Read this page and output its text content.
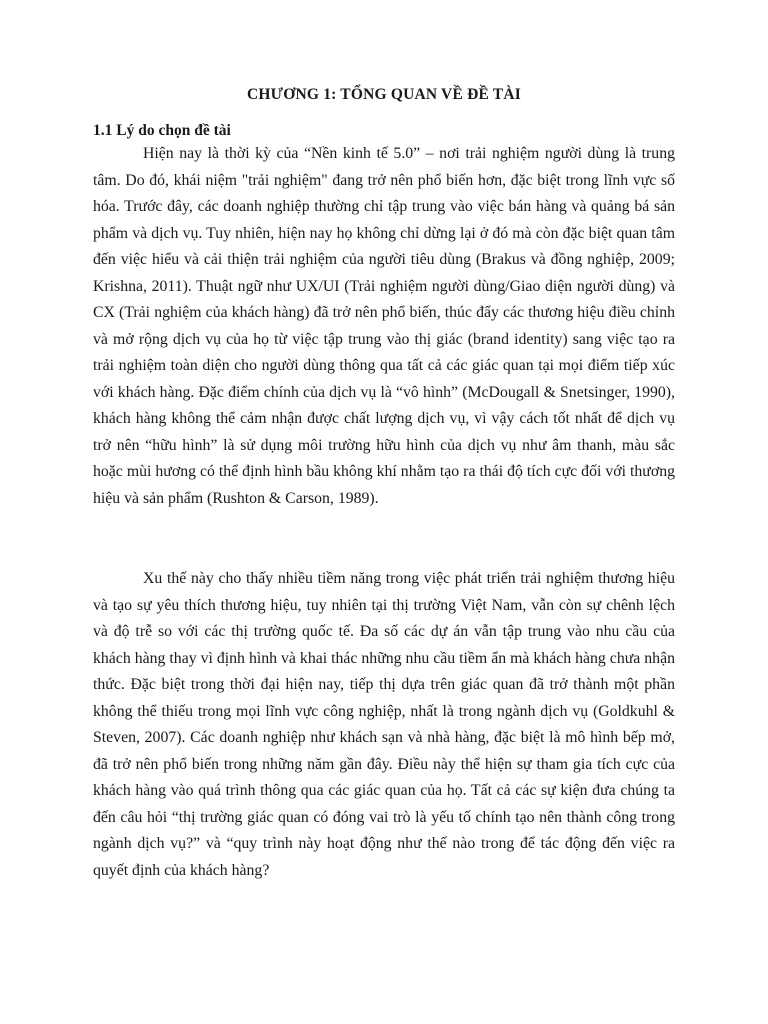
CHƯƠNG 1: TỔNG QUAN VỀ ĐỀ TÀI
1.1 Lý do chọn đề tài

Hiện nay là thời kỳ của “Nền kinh tế 5.0” – nơi trải nghiệm người dùng là trung tâm. Do đó, khái niệm "trải nghiệm" đang trở nên phổ biến hơn, đặc biệt trong lĩnh vực số hóa. Trước đây, các doanh nghiệp thường chỉ tập trung vào việc bán hàng và quảng bá sản phẩm và dịch vụ. Tuy nhiên, hiện nay họ không chỉ dừng lại ở đó mà còn đặc biệt quan tâm đến việc hiểu và cải thiện trải nghiệm của người tiêu dùng (Brakus và đồng nghiệp, 2009; Krishna, 2011). Thuật ngữ như UX/UI (Trải nghiệm người dùng/Giao diện người dùng) và CX (Trải nghiệm của khách hàng) đã trở nên phổ biến, thúc đẩy các thương hiệu điều chỉnh và mở rộng dịch vụ của họ từ việc tập trung vào thị giác (brand identity) sang việc tạo ra trải nghiệm toàn diện cho người dùng thông qua tất cả các giác quan tại mọi điểm tiếp xúc với khách hàng. Đặc điểm chính của dịch vụ là “vô hình” (McDougall & Snetsinger, 1990), khách hàng không thể cảm nhận được chất lượng dịch vụ, vì vậy cách tốt nhất để dịch vụ trở nên “hữu hình” là sử dụng môi trường hữu hình của dịch vụ như âm thanh, màu sắc hoặc mùi hương có thể định hình bầu không khí nhằm tạo ra thái độ tích cực đối với thương hiệu và sản phẩm (Rushton & Carson, 1989).

Xu thế này cho thấy nhiều tiềm năng trong việc phát triển trải nghiệm thương hiệu và tạo sự yêu thích thương hiệu, tuy nhiên tại thị trường Việt Nam, vẫn còn sự chênh lệch và độ trễ so với các thị trường quốc tế. Đa số các dự án vẫn tập trung vào nhu cầu của khách hàng thay vì định hình và khai thác những nhu cầu tiềm ẩn mà khách hàng chưa nhận thức. Đặc biệt trong thời đại hiện nay, tiếp thị dựa trên giác quan đã trở thành một phần không thể thiếu trong mọi lĩnh vực công nghiệp, nhất là trong ngành dịch vụ (Goldkuhl & Steven, 2007). Các doanh nghiệp như khách sạn và nhà hàng, đặc biệt là mô hình bếp mở, đã trở nên phổ biến trong những năm gần đây. Điều này thể hiện sự tham gia tích cực của khách hàng vào quá trình thông qua các giác quan của họ. Tất cả các sự kiện đưa chúng ta đến câu hỏi “thị trường giác quan có đóng vai trò là yếu tố chính tạo nên thành công trong ngành dịch vụ?” và “quy trình này hoạt động như thế nào trong để tác động đến việc ra quyết định của khách hàng?
